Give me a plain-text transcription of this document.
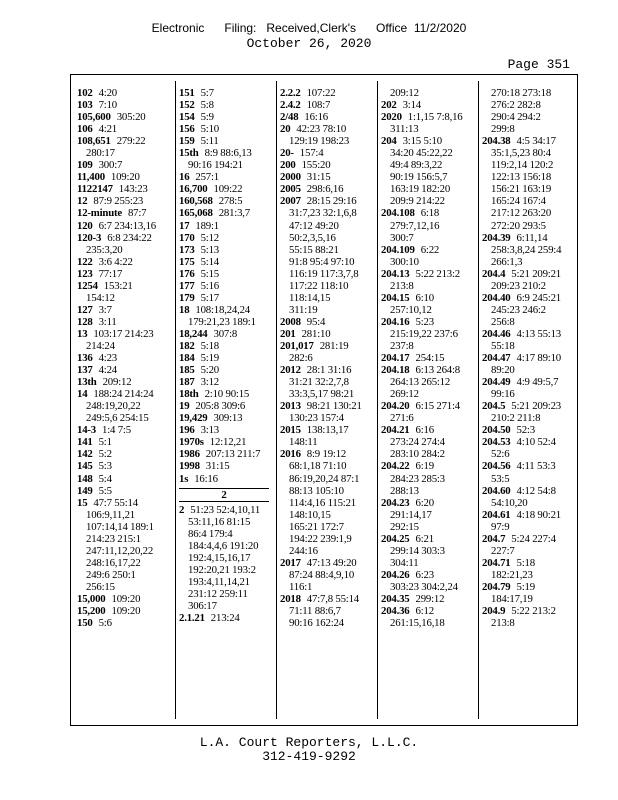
Electronic      Filing:   Received,Clerk's      Office  11/2/2020
October 26, 2020
Page 351
102 4:20
103 7:10
105,600 305:20
106 4:21
108,651 279:22
280:17
109 300:7
11,400 109:20
1122147 143:23
12 87:9 255:23
12-minute 87:7
120 6:7 234:13,16
120-3 6:8 234:22
235:3,20
122 3:6 4:22
123 77:17
1254 153:21
154:12
127 3:7
128 3:11
13 103:17 214:23
214:24
136 4:23
137 4:24
13th 209:12
14 188:24 214:24
248:19,20,22
249:5,6 254:15
14-3 1:4 7:5
141 5:1
142 5:2
145 5:3
148 5:4
149 5:5
15 47:7 55:14
106:9,11,21
107:14,14 189:1
214:23 215:1
247:11,12,20,22
248:16,17,22
249:6 250:1
256:15
15,000 109:20
15,200 109:20
150 5:6
151 5:7
152 5:8
154 5:9
156 5:10
159 5:11
15th 8:9 88:6,13
90:16 194:21
16 257:1
16,700 109:22
160,568 278:5
165,068 281:3,7
17 189:1
170 5:12
173 5:13
175 5:14
176 5:15
177 5:16
179 5:17
18 108:18,24,24
179:21,23 189:1
18,244 307:8
182 5:18
184 5:19
185 5:20
187 3:12
18th 2:10 90:15
19 205:8 309:6
19,429 309:13
196 3:13
1970s 12:12,21
1986 207:13 211:7
1998 31:15
1s 16:16
2
2 51:23 52:4,10,11
53:11,16 81:15
86:4 179:4
184:4,4,6 191:20
192:4,15,16,17
192:20,21 193:2
193:4,11,14,21
231:12 259:11
306:17
2.1.21 213:24
2.2.2 107:22
2.4.2 108:7
2/48 16:16
20 42:23 78:10
129:19 198:23
20- 157:4
200 155:20
2000 31:15
2005 298:6,16
2007 28:15 29:16
31:7,23 32:1,6,8
47:12 49:20
50:2,3,5,16
55:15 88:21
91:8 95:4 97:10
116:19 117:3,7,8
117:22 118:10
118:14,15
311:19
2008 95:4
201 281:10
201,017 281:19
282:6
2012 28:1 31:16
31:21 32:2,7,8
33:3,5,17 98:21
2013 98:21 130:21
130:23 157:4
2015 138:13,17
148:11
2016 8:9 19:12
68:1,18 71:10
86:19,20,24 87:1
88:13 105:10
114:4,16 115:21
148:10,15
165:21 172:7
194:22 239:1,9
244:16
2017 47:13 49:20
87:24 88:4,9,10
116:1
2018 47:7,8 55:14
71:11 88:6,7
90:16 162:24
209:12
202 3:14
2020 1:1,15 7:8,16
311:13
204 3:15 5:10
34:20 45:22,22
49:4 89:3,22
90:19 156:5,7
163:19 182:20
209:9 214:22
204.108 6:18
279:7,12,16
300:7
204.109 6:22
300:10
204.13 5:22 213:2
213:8
204.15 6:10
257:10,12
204.16 5:23
215:19,22 237:6
237:8
204.17 254:15
204.18 6:13 264:8
264:13 265:12
269:12
204.20 6:15 271:4
271:6
204.21 6:16
273:24 274:4
283:10 284:2
204.22 6:19
284:23 285:3
288:13
204.23 6:20
291:14,17
292:15
204.25 6:21
299:14 303:3
304:11
204.26 6:23
303:23 304:2,24
204.35 299:12
204.36 6:12
261:15,16,18
270:18 273:18
276:2 282:8
290:4 294:2
299:8
204.38 4:5 34:17
35:1,5,23 80:4
119:2,14 120:2
122:13 156:18
156:21 163:19
165:24 167:4
217:12 263:20
272:20 293:5
204.39 6:11,14
258:3,8,24 259:4
266:1,3
204.4 5:21 209:21
209:23 210:2
204.40 6:9 245:21
245:23 246:2
256:8
204.46 4:13 55:13
55:18
204.47 4:17 89:10
89:20
204.49 4:9 49:5,7
99:16
204.5 5:21 209:23
210:2 211:8
204.50 52:3
204.53 4:10 52:4
52:6
204.56 4:11 53:3
53:5
204.60 4:12 54:8
54:10,20
204.61 4:18 90:21
97:9
204.7 5:24 227:4
227:7
204.71 5:18
182:21,23
204.79 5:19
184:17,19
204.9 5:22 213:2
213:8
L.A. Court Reporters, L.L.C.
312-419-9292
